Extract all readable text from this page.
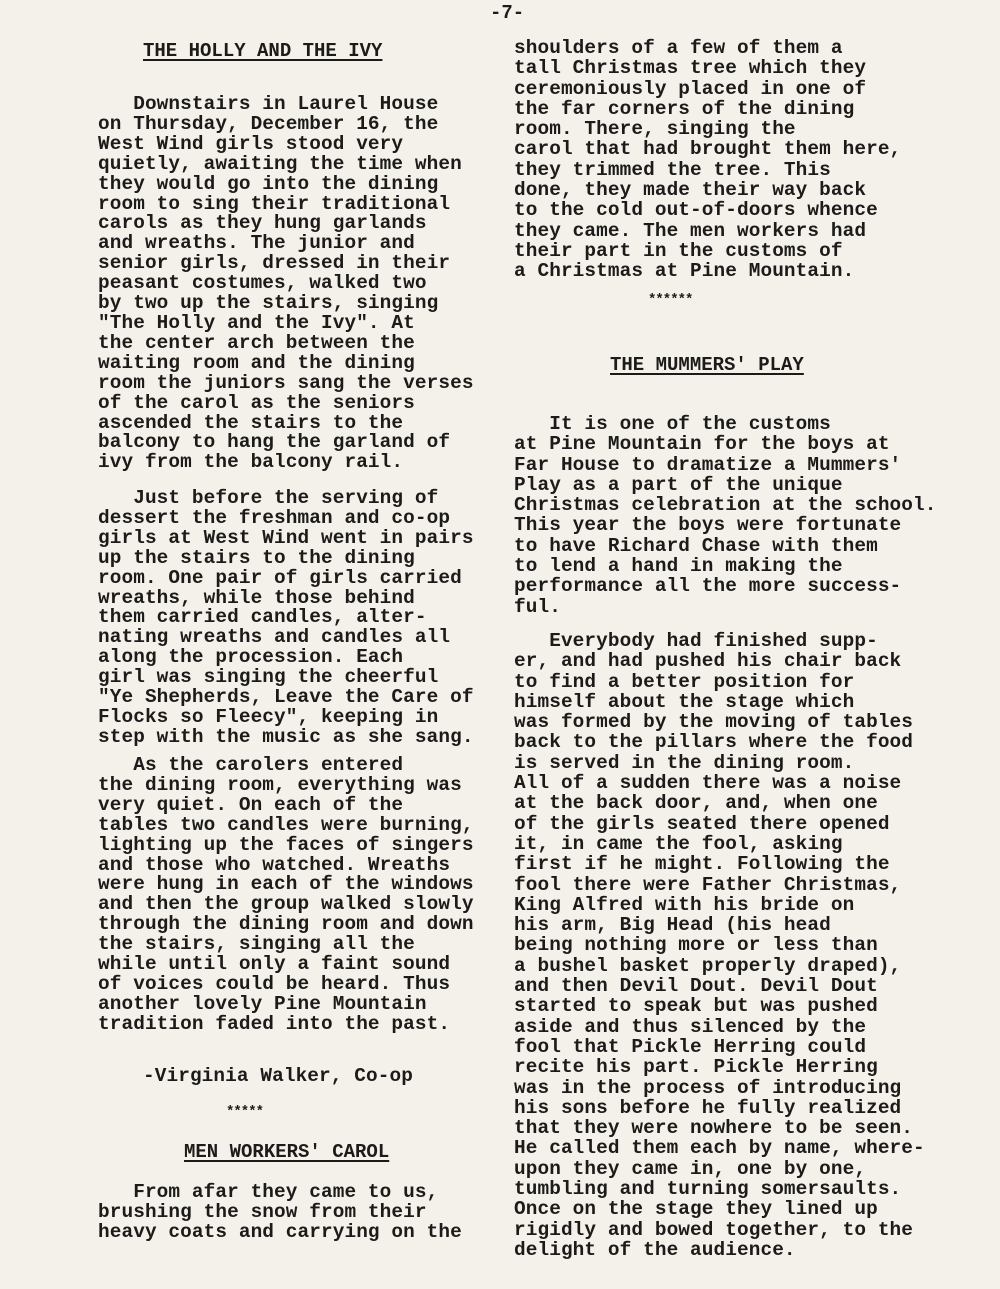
-7-
THE HOLLY AND THE IVY
Downstairs in Laurel House
on Thursday, December 16, the
West Wind girls stood very
quietly, awaiting the time when
they would go into the dining
room to sing their traditional
carols as they hung garlands
and wreaths. The junior and
senior girls, dressed in their
peasant costumes, walked two
by two up the stairs, singing
"The Holly and the Ivy". At
the center arch between the
waiting room and the dining
room the juniors sang the verses
of the carol as the seniors
ascended the stairs to the
balcony to hang the garland of
ivy from the balcony rail.
Just before the serving of
dessert the freshman and co-op
girls at West Wind went in pairs
up the stairs to the dining
room. One pair of girls carried
wreaths, while those behind
them carried candles, alter-
nating wreaths and candles all
along the procession. Each
girl was singing the cheerful
"Ye Shepherds, Leave the Care of
Flocks so Fleecy", keeping in
step with the music as she sang.
As the carolers entered
the dining room, everything was
very quiet. On each of the
tables two candles were burning,
lighting up the faces of singers
and those who watched. Wreaths
were hung in each of the windows
and then the group walked slowly
through the dining room and down
the stairs, singing all the
while until only a faint sound
of voices could be heard. Thus
another lovely Pine Mountain
tradition faded into the past.
-Virginia Walker, Co-op
*****
MEN WORKERS' CAROL
From afar they came to us,
brushing the snow from their
heavy coats and carrying on the
shoulders of a few of them a
tall Christmas tree which they
ceremoniously placed in one of
the far corners of the dining
room. There, singing the
carol that had brought them here,
they trimmed the tree. This
done, they made their way back
to the cold out-of-doors whence
they came. The men workers had
their part in the customs of
a Christmas at Pine Mountain.
******
THE MUMMERS' PLAY
It is one of the customs
at Pine Mountain for the boys at
Far House to dramatize a Mummers'
Play as a part of the unique
Christmas celebration at the school.
This year the boys were fortunate
to have Richard Chase with them
to lend a hand in making the
performance all the more success-
ful.
Everybody had finished supp-
er, and had pushed his chair back
to find a better position for
himself about the stage which
was formed by the moving of tables
back to the pillars where the food
is served in the dining room.
All of a sudden there was a noise
at the back door, and, when one
of the girls seated there opened
it, in came the fool, asking
first if he might. Following the
fool there were Father Christmas,
King Alfred with his bride on
his arm, Big Head (his head
being nothing more or less than
a bushel basket properly draped),
and then Devil Dout. Devil Dout
started to speak but was pushed
aside and thus silenced by the
fool that Pickle Herring could
recite his part. Pickle Herring
was in the process of introducing
his sons before he fully realized
that they were nowhere to be seen.
He called them each by name, where-
upon they came in, one by one,
tumbling and turning somersaults.
Once on the stage they lined up
rigidly and bowed together, to the
delight of the audience.
